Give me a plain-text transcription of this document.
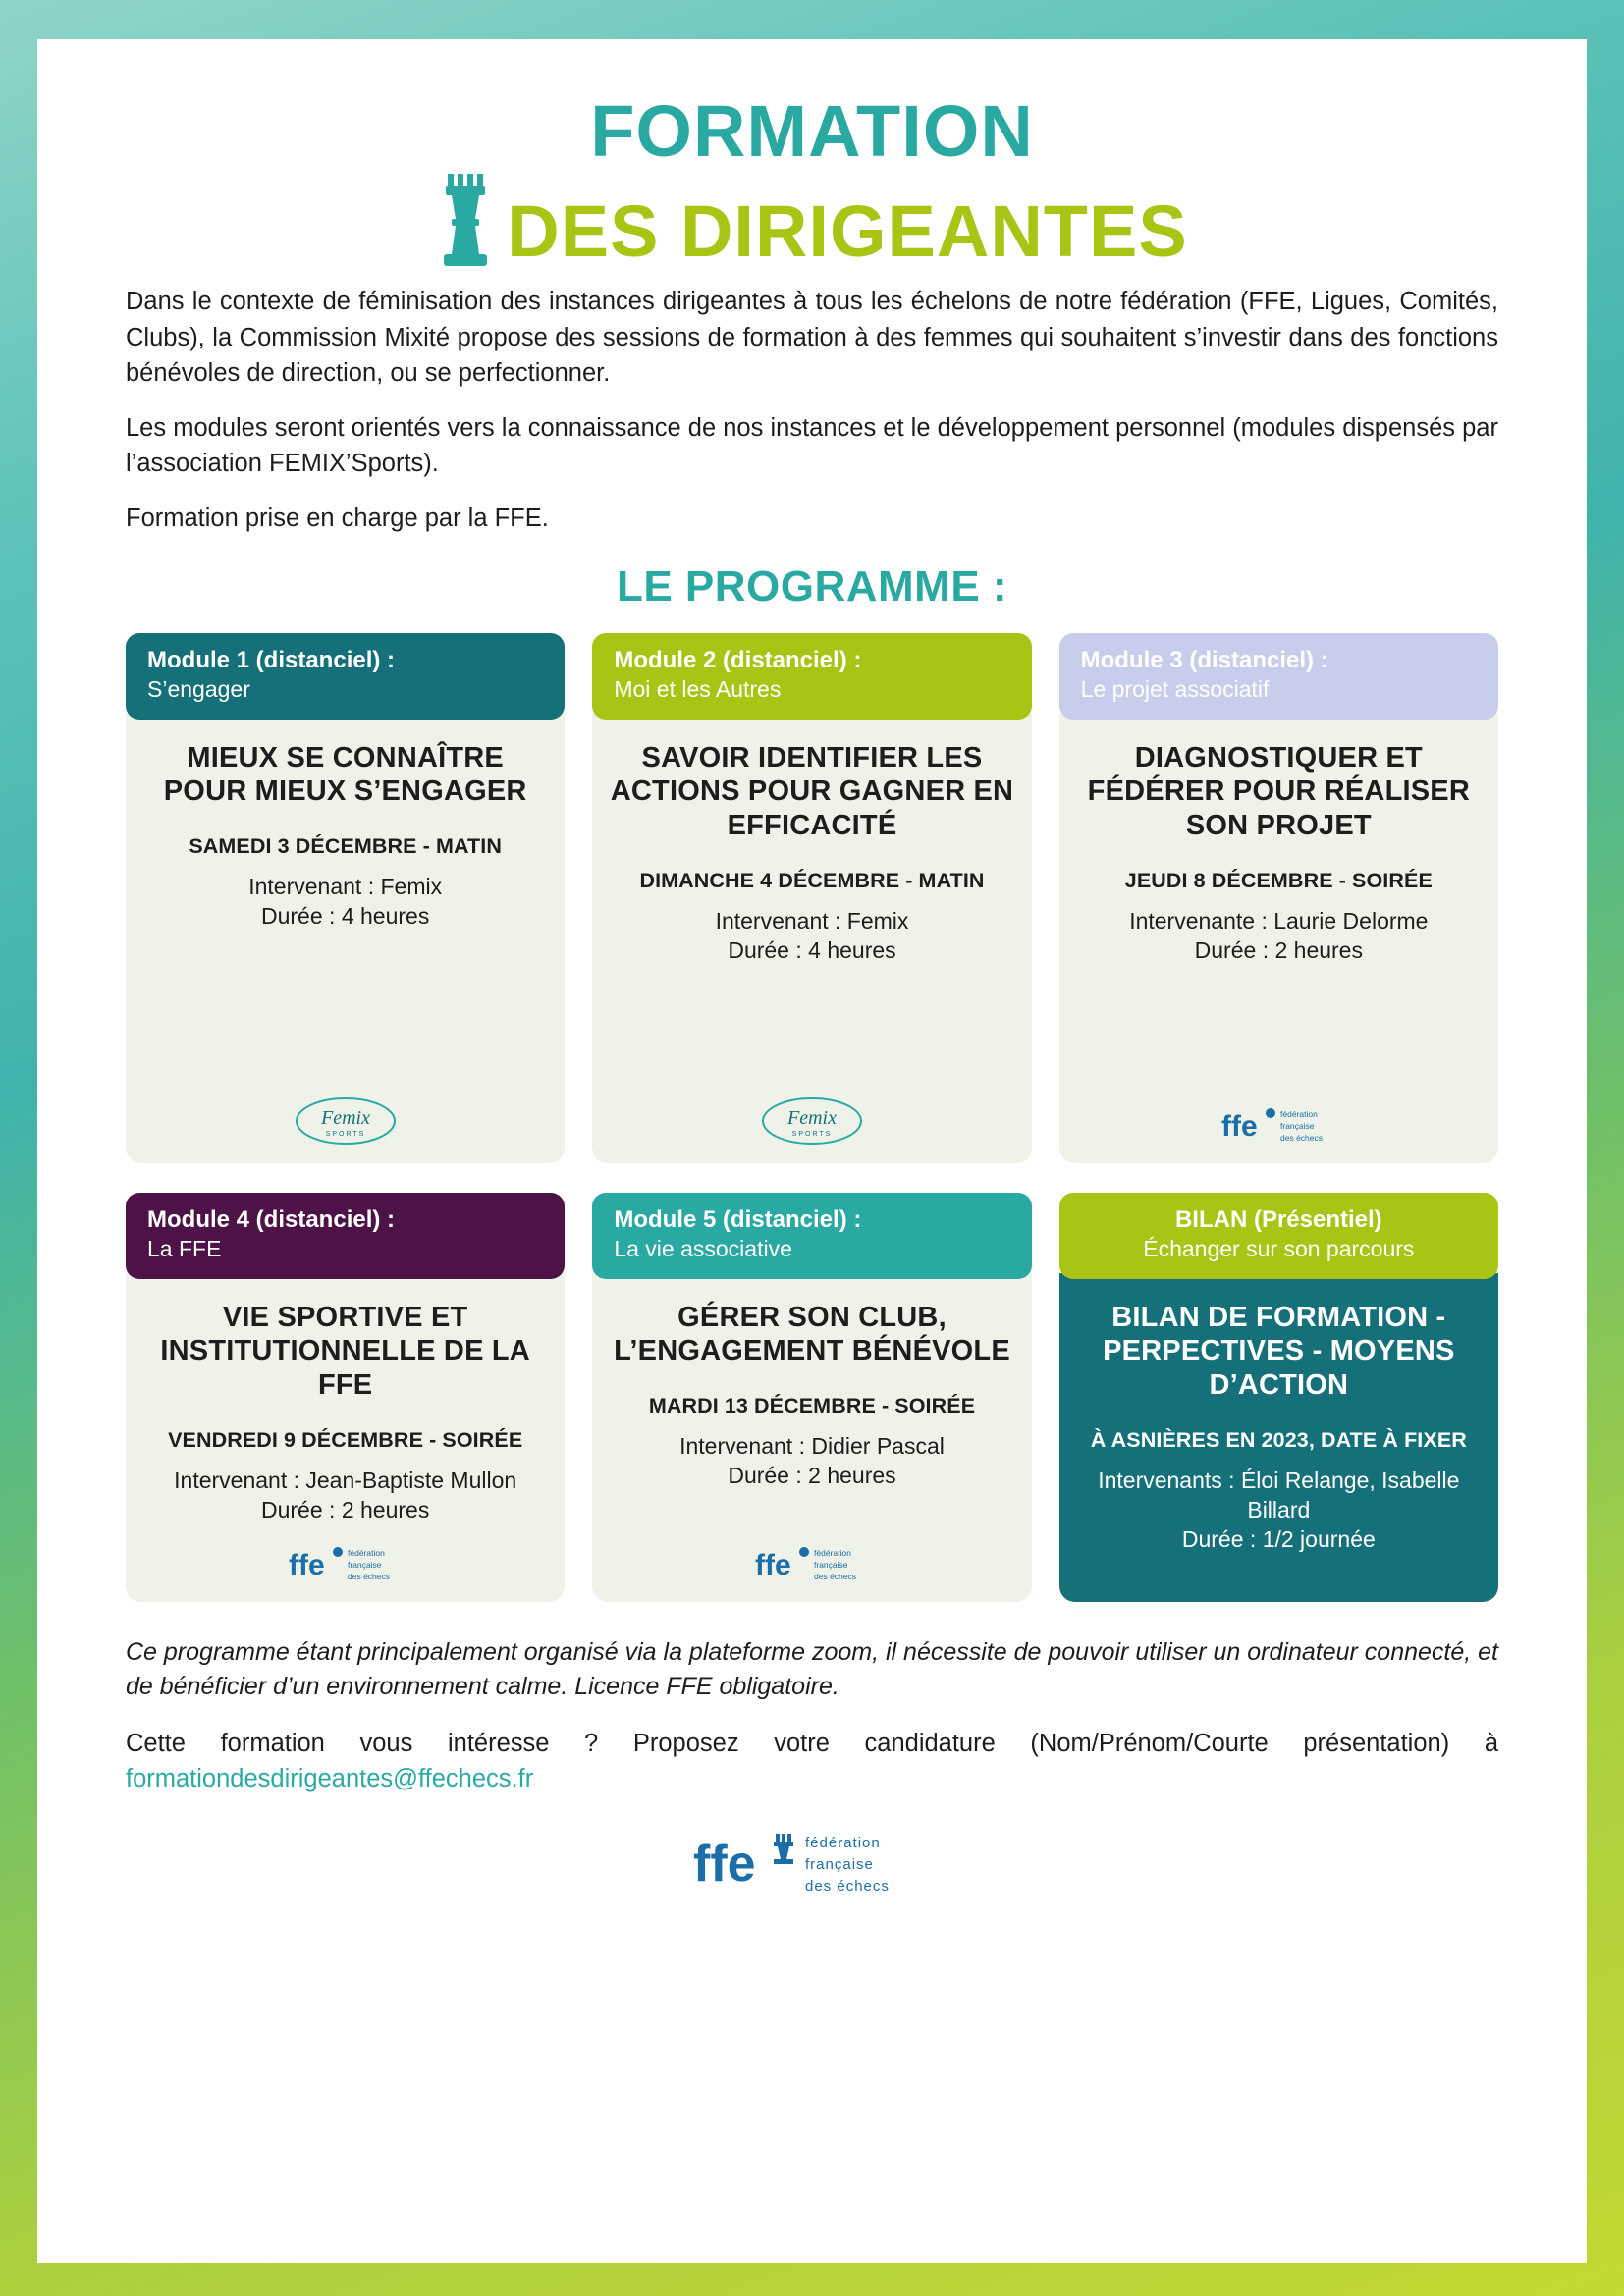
FORMATION
DES DIRIGEANTES

Dans le contexte de féminisation des instances dirigeantes à tous les échelons de notre fédération (FFE, Ligues, Comités, Clubs), la Commission Mixité propose des sessions de formation à des femmes qui souhaitent s’investir dans des fonctions bénévoles de direction, ou se perfectionner.

Les modules seront orientés vers la connaissance de nos instances et le développement personnel (modules dispensés par l’association FEMIX’Sports).

Formation prise en charge par la FFE.

LE PROGRAMME :
Module 1 (distanciel) :
S’engager
MIEUX SE CONNAÎTRE POUR MIEUX S’ENGAGER
SAMEDI 3 DÉCEMBRE - MATIN
Intervenant : Femix
Durée : 4 heures
Femix
SPORTS
Module 2 (distanciel) :
Moi et les Autres
SAVOIR IDENTIFIER LES ACTIONS POUR GAGNER EN EFFICACITÉ
DIMANCHE 4 DÉCEMBRE - MATIN
Intervenant : Femix
Durée : 4 heures
Femix
SPORTS
Module 3 (distanciel) :
Le projet associatif
DIAGNOSTIQUER ET FÉDÉRER POUR RÉALISER SON PROJET
JEUDI 8 DÉCEMBRE - SOIRÉE
Intervenante : Laurie Delorme
Durée : 2 heures
ffe	fédération
française
des échecs
Module 4 (distanciel) :
La FFE
VIE SPORTIVE ET INSTITUTIONNELLE DE LA FFE
VENDREDI 9 DÉCEMBRE - SOIRÉE
Intervenant : Jean-Baptiste Mullon
Durée : 2 heures
ffe	fédération
française
des échecs
Module 5 (distanciel) :
La vie associative
GÉRER SON CLUB, L’ENGAGEMENT BÉNÉVOLE
MARDI 13 DÉCEMBRE - SOIRÉE
Intervenant : Didier Pascal
Durée : 2 heures
ffe	fédération
française
des échecs
BILAN (Présentiel)
Échanger sur son parcours
BILAN DE FORMATION - PERPECTIVES - MOYENS D’ACTION
À ASNIÈRES EN 2023, DATE À FIXER
Intervenants : Éloi Relange, Isabelle Billard
Durée : 1/2 journée

Ce programme étant principalement organisé via la plateforme zoom, il nécessite de pouvoir utiliser un ordinateur connecté, et de bénéficier d’un environnement calme. Licence FFE obligatoire.

Cette formation vous intéresse ? Proposez votre candidature (Nom/Prénom/Courte présentation) à formationdesdirigeantes@ffechecs.fr

ffe	fédération
française
des échecs
